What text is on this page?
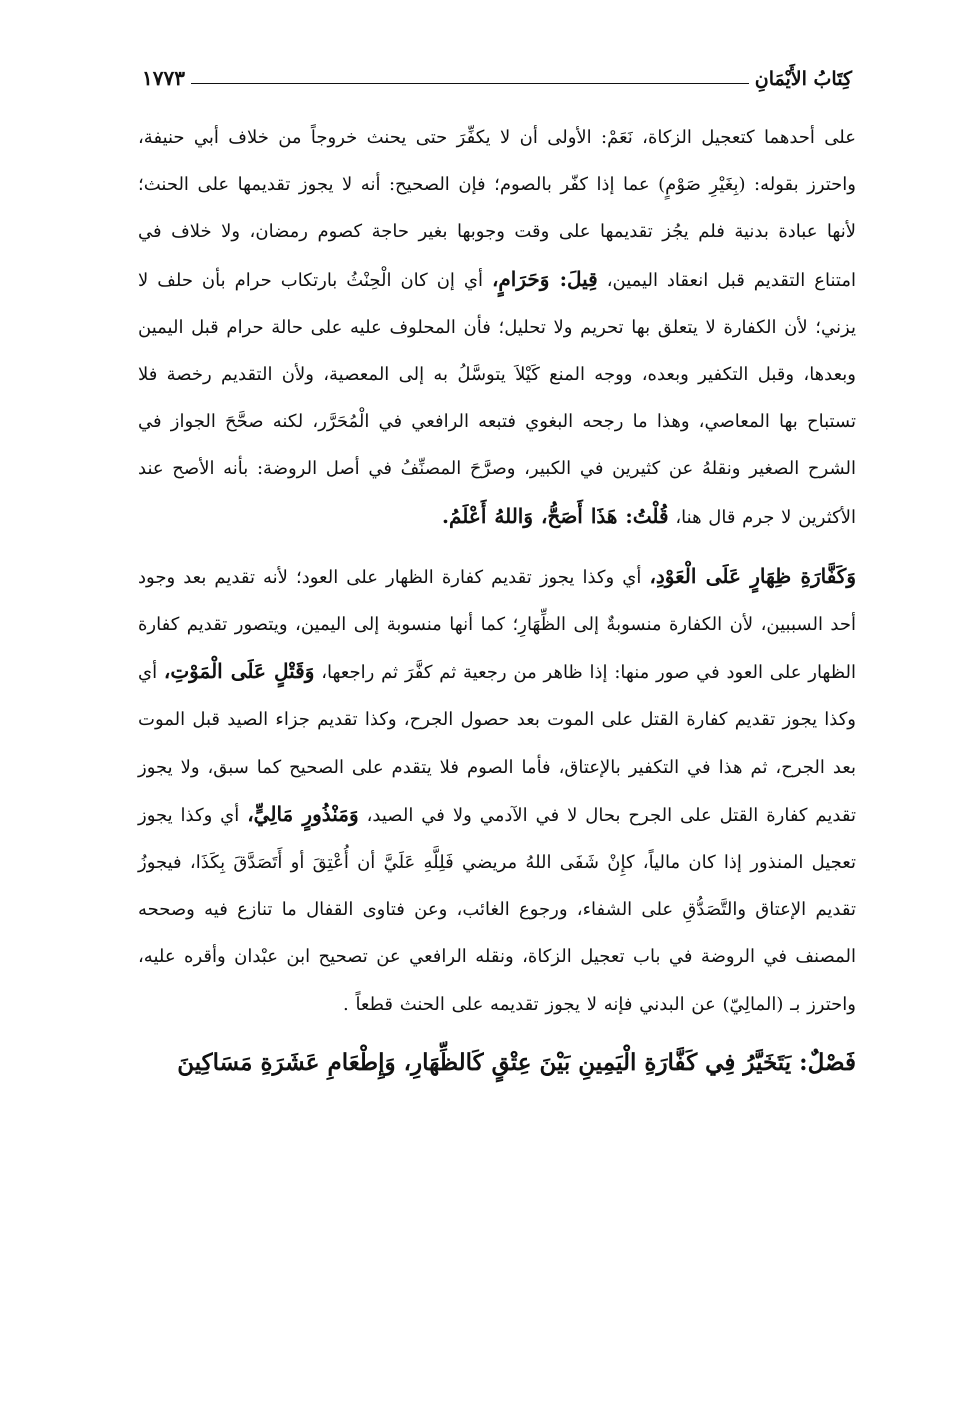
كِتَابُ الأَيْمَانِ
١٧٧٣

على أحدهما كتعجيل الزكاة، نَعَمْ: الأولى أن لا يكفِّرَ حتى يحنث خروجاً من خلاف أبي حنيفة، واحترز بقوله: (بِغَيْرِ صَوْمٍ) عما إذا كفّر بالصوم؛ فإن الصحيح: أنه لا يجوز تقديمها على الحنث؛ لأنها عبادة بدنية فلم يجُز تقديمها على وقت وجوبها بغير حاجة كصوم رمضان، ولا خلاف في امتناع التقديم قبل انعقاد اليمين، قِيلَ: وَحَرَامٍ، أي إن كان الْحِنْثُ بارتكاب حرام بأن حلف لا يزني؛ لأن الكفارة لا يتعلق بها تحريم ولا تحليل؛ فأن المحلوف عليه على حالة حرام قبل اليمين وبعدها، وقبل التكفير وبعده، ووجه المنع كَيْلاَ يتوسَّلُ به إلى المعصية، ولأن التقديم رخصة فلا تستباح بها المعاصي، وهذا ما رجحه البغوي فتبعه الرافعي في الْمُحَرَّر، لكنه صحَّحَ الجواز في الشرح الصغير ونقلهُ عن كثيرين في الكبير، وصرَّحَ المصنِّفُ في أصل الروضة: بأنه الأصح عند الأكثرين لا جرم قال هنا، قُلْتُ: هَذَا أَصَحُّ، وَاللهُ أَعْلَمُ.

وَكَفَّارَةِ ظِهَارٍ عَلَى الْعَوْدِ، أي وكذا يجوز تقديم كفارة الظهار على العود؛ لأنه تقديم بعد وجود أحد السببين، لأن الكفارة منسوبةٌ إلى الظِّهَارِ؛ كما أنها منسوبة إلى اليمين، ويتصور تقديم كفارة الظهار على العود في صور منها: إذا ظاهر من رجعية ثم كفَّرَ ثم راجعها، وَقَتْلٍ عَلَى الْمَوْتِ، أي وكذا يجوز تقديم كفارة القتل على الموت بعد حصول الجرح، وكذا تقديم جزاء الصيد قبل الموت بعد الجرح، ثم هذا في التكفير بالإعتاق، فأما الصوم فلا يتقدم على الصحيح كما سبق، ولا يجوز تقديم كفارة القتل على الجرح بحال لا في الآدمي ولا في الصيد، وَمَنْذُورٍ مَالِيٍّ، أي وكذا يجوز تعجيل المنذور إذا كان مالياً، كإِنْ شَفَى اللهُ مريضي فَلِلَّهِ عَلَيَّ أن أُعْتِقَ أو أَتَصَدَّقَ بِكَذَا، فيجوزُ تقديم الإعتاق والتَّصَدُّقِ على الشفاء، ورجوع الغائب، وعن فتاوى القفال ما تنازع فيه وصححه المصنف في الروضة في باب تعجيل الزكاة، ونقله الرافعي عن تصحيح ابن عبْدان وأقره عليه، واحترز بـ (المالِيّ) عن البدني فإنه لا يجوز تقديمه على الحنث قطعاً .

فَصْلٌ: يَتَخَيَّرُ فِي كَفَّارَةِ الْيَمِينِ بَيْنَ عِتْقٍ كَالظِّهَارِ، وَإِطْعَامِ عَشَرَةِ مَسَاكِينَ
